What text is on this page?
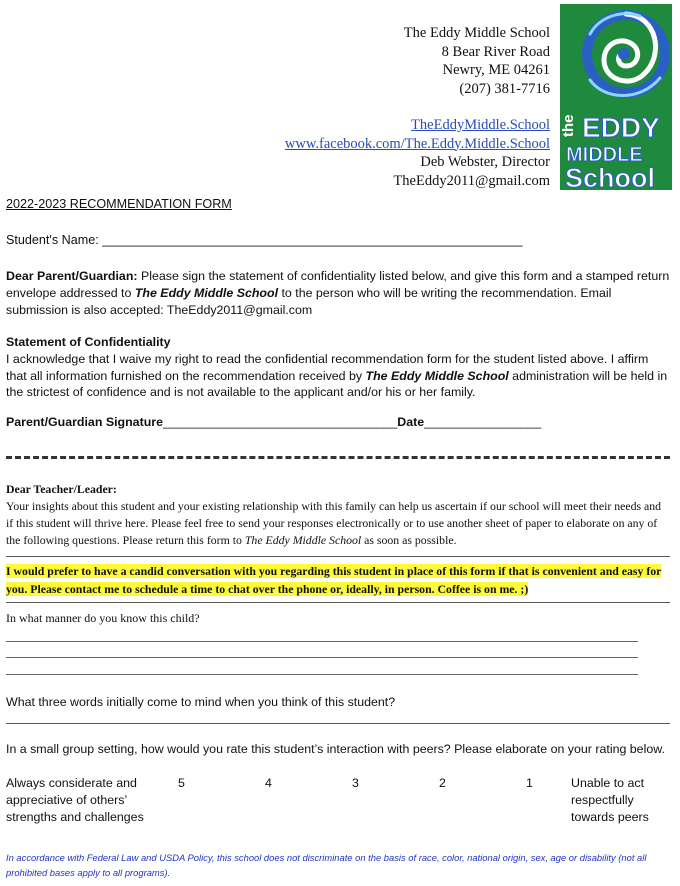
The Eddy Middle School
8 Bear River Road
Newry, ME 04261
(207) 381-7716
TheEddyMiddle.School
www.facebook.com/The.Eddy.Middle.School
Deb Webster, Director
TheEddy2011@gmail.com
the EDDY
MIDDLE
School
2022-2023 RECOMMENDATION FORM
Student's Name: ____________________________________________________________
Dear Parent/Guardian: Please sign the statement of confidentiality listed below, and give this form and a stamped return envelope addressed to The Eddy Middle School to the person who will be writing the recommendation. Email submission is also accepted: TheEddy2011@gmail.com
Statement of Confidentiality
I acknowledge that I waive my right to read the confidential recommendation form for the student listed above. I affirm that all information furnished on the recommendation received by The Eddy Middle School administration will be held in the strictest of confidence and is not available to the applicant and/or his or her family.
Parent/Guardian Signature__________________________________Date_________________
Dear Teacher/Leader:
Your insights about this student and your existing relationship with this family can help us ascertain if our school will meet their needs and if this student will thrive here. Please feel free to send your responses electronically or to use another sheet of paper to elaborate on any of the following questions. Please return this form to The Eddy Middle School as soon as possible.
I would prefer to have a candid conversation with you regarding this student in place of this form if that is convenient and easy for you. Please contact me to schedule a time to chat over the phone or, ideally, in person. Coffee is on me. ;)
In what manner do you know this child?
What three words initially come to mind when you think of this student?
In a small group setting, how would you rate this student’s interaction with peers? Please elaborate on your rating below.
Always considerate and
appreciative of others’
strengths and challenges
5	4	3	2	1	Unable to act
respectfully
towards peers
In accordance with Federal Law and USDA Policy, this school does not discriminate on the basis of race, color, national origin, sex, age or disability (not all prohibited bases apply to all programs).
